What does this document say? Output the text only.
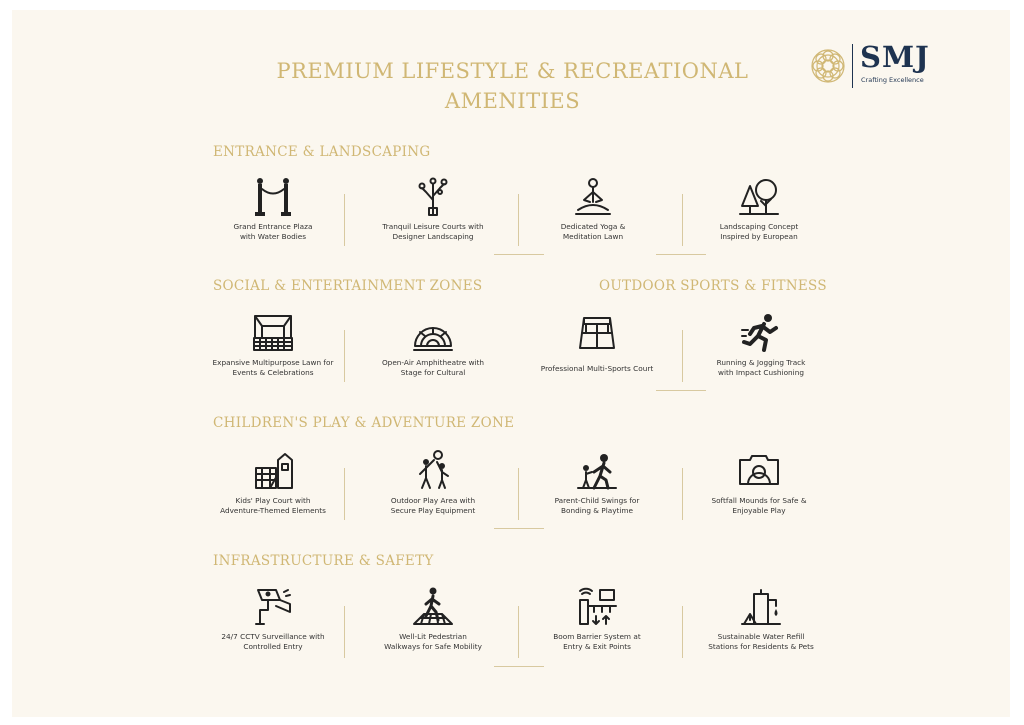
PREMIUM LIFESTYLE & RECREATIONAL
AMENITIES
SMJ
Crafting Excellence
ENTRANCE & LANDSCAPING
Grand Entrance Plaza
with Water Bodies
Tranquil Leisure Courts with
Designer Landscaping
Dedicated Yoga &
Meditation Lawn
Landscaping Concept
Inspired by European
SOCIAL & ENTERTAINMENT ZONES
Expansive Multipurpose Lawn for
Events & Celebrations
Open-Air Amphitheatre with
Stage for Cultural
OUTDOOR SPORTS & FITNESS
Professional Multi-Sports Court
Running & Jogging Track
with Impact Cushioning
CHILDREN'S PLAY & ADVENTURE ZONE
Kids' Play Court with
Adventure-Themed Elements
Outdoor Play Area with
Secure Play Equipment
Parent-Child Swings for
Bonding & Playtime
Softfall Mounds for Safe &
Enjoyable Play
INFRASTRUCTURE & SAFETY
24/7 CCTV Surveillance with
Controlled Entry
Well-Lit Pedestrian
Walkways for Safe Mobility
Boom Barrier System at
Entry & Exit Points
Sustainable Water Refill
Stations for Residents & Pets
